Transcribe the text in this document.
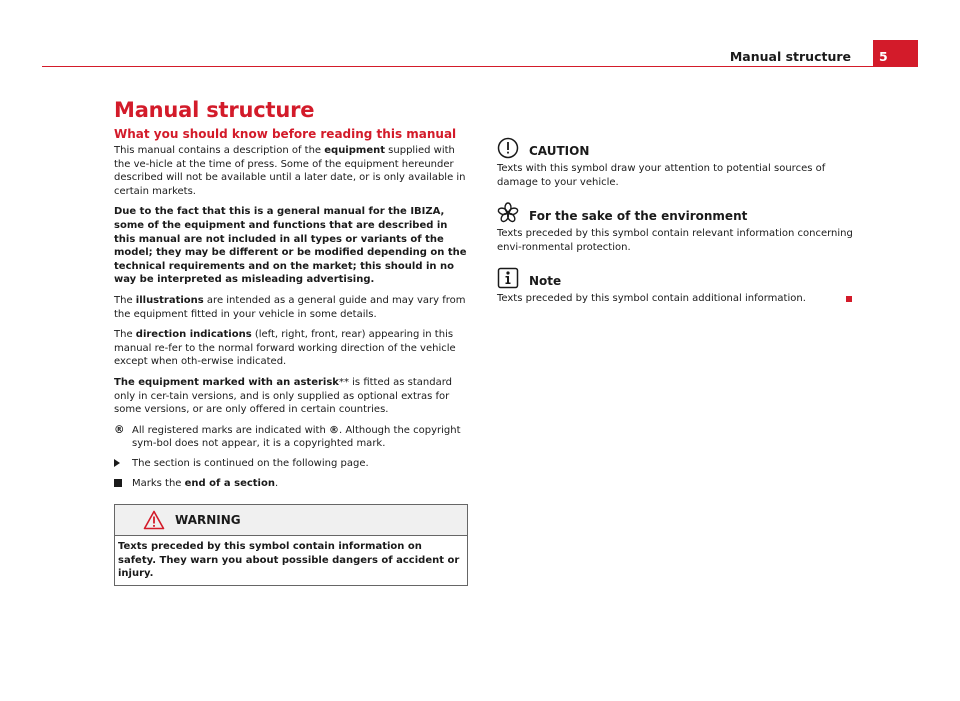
Manual structure	5
Manual structure
What you should know before reading this manual

This manual contains a description of the equipment supplied with the ve-hicle at the time of press. Some of the equipment hereunder described will not be available until a later date, or is only available in certain markets.

Due to the fact that this is a general manual for the IBIZA, some of the equipment and functions that are described in this manual are not included in all types or variants of the model; they may be different or be modified depending on the technical requirements and on the market; this should in no way be interpreted as misleading advertising.

The illustrations are intended as a general guide and may vary from the equipment fitted in your vehicle in some details.

The direction indications (left, right, front, rear) appearing in this manual re-fer to the normal forward working direction of the vehicle except when oth-erwise indicated.

The equipment marked with an asterisk** is fitted as standard only in cer-tain versions, and is only supplied as optional extras for some versions, or are only offered in certain countries.

® All registered marks are indicated with ®. Although the copyright sym-bol does not appear, it is a copyrighted mark.
The section is continued on the following page.
Marks the end of a section.
WARNING
Texts preceded by this symbol contain information on safety. They warn you about possible dangers of accident or injury.
CAUTION

Texts with this symbol draw your attention to potential sources of damage to your vehicle.

For the sake of the environment

Texts preceded by this symbol contain relevant information concerning envi-ronmental protection.

Note

Texts preceded by this symbol contain additional information.
